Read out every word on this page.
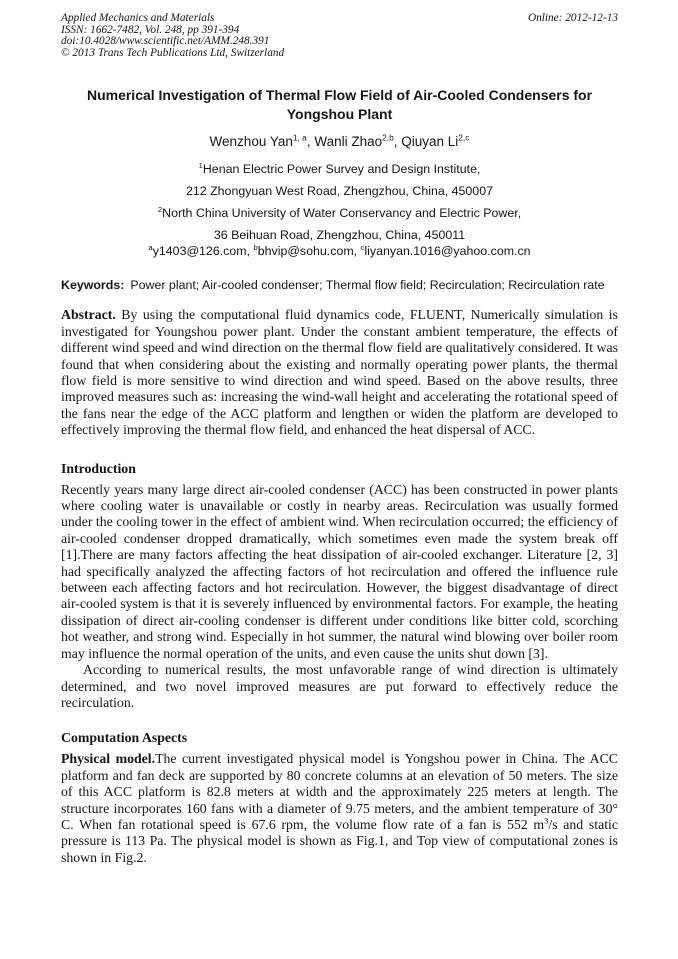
Applied Mechanics and Materials
ISSN: 1662-7482, Vol. 248, pp 391-394
doi:10.4028/www.scientific.net/AMM.248.391
© 2013 Trans Tech Publications Ltd, Switzerland
Online: 2012-12-13
Numerical Investigation of Thermal Flow Field of Air-Cooled Condensers for Yongshou Plant
Wenzhou Yan$^{1, a}$, Wanli Zhao$^{2,b}$, Qiuyan Li$^{2,c}$
$^1$Henan Electric Power Survey and Design Institute,
212 Zhongyuan West Road, Zhengzhou, China, 450007
$^2$North China University of Water Conservancy and Electric Power,
36 Beihuan Road, Zhengzhou, China, 450011
$^a$y1403@126.com, $^b$bhvip@sohu.com, $^c$liyanyan.1016@yahoo.com.cn
Keywords: Power plant; Air-cooled condenser; Thermal flow field; Recirculation; Recirculation rate

Abstract. By using the computational fluid dynamics code, FLUENT, Numerically simulation is investigated for Youngshou power plant. Under the constant ambient temperature, the effects of different wind speed and wind direction on the thermal flow field are qualitatively considered. It was found that when considering about the existing and normally operating power plants, the thermal flow field is more sensitive to wind direction and wind speed. Based on the above results, three improved measures such as: increasing the wind-wall height and accelerating the rotational speed of the fans near the edge of the ACC platform and lengthen or widen the platform are developed to effectively improving the thermal flow field, and enhanced the heat dispersal of ACC.

Introduction

Recently years many large direct air-cooled condenser (ACC) has been constructed in power plants where cooling water is unavailable or costly in nearby areas. Recirculation was usually formed under the cooling tower in the effect of ambient wind. When recirculation occurred; the efficiency of air-cooled condenser dropped dramatically, which sometimes even made the system break off [1].There are many factors affecting the heat dissipation of air-cooled exchanger. Literature [2, 3] had specifically analyzed the affecting factors of hot recirculation and offered the influence rule between each affecting factors and hot recirculation. However, the biggest disadvantage of direct air-cooled system is that it is severely influenced by environmental factors. For example, the heating dissipation of direct air-cooling condenser is different under conditions like bitter cold, scorching hot weather, and strong wind. Especially in hot summer, the natural wind blowing over boiler room may influence the normal operation of the units, and even cause the units shut down [3].

According to numerical results, the most unfavorable range of wind direction is ultimately determined, and two novel improved measures are put forward to effectively reduce the recirculation.

Computation Aspects

Physical model.The current investigated physical model is Yongshou power in China. The ACC platform and fan deck are supported by 80 concrete columns at an elevation of 50 meters. The size of this ACC platform is 82.8 meters at width and the approximately 225 meters at length. The structure incorporates 160 fans with a diameter of 9.75 meters, and the ambient temperature of 30° C. When fan rotational speed is 67.6 rpm, the volume flow rate of a fan is 552 $m^3/s$ and static pressure is 113 Pa. The physical model is shown as Fig.1, and Top view of computational zones is shown in Fig.2.
